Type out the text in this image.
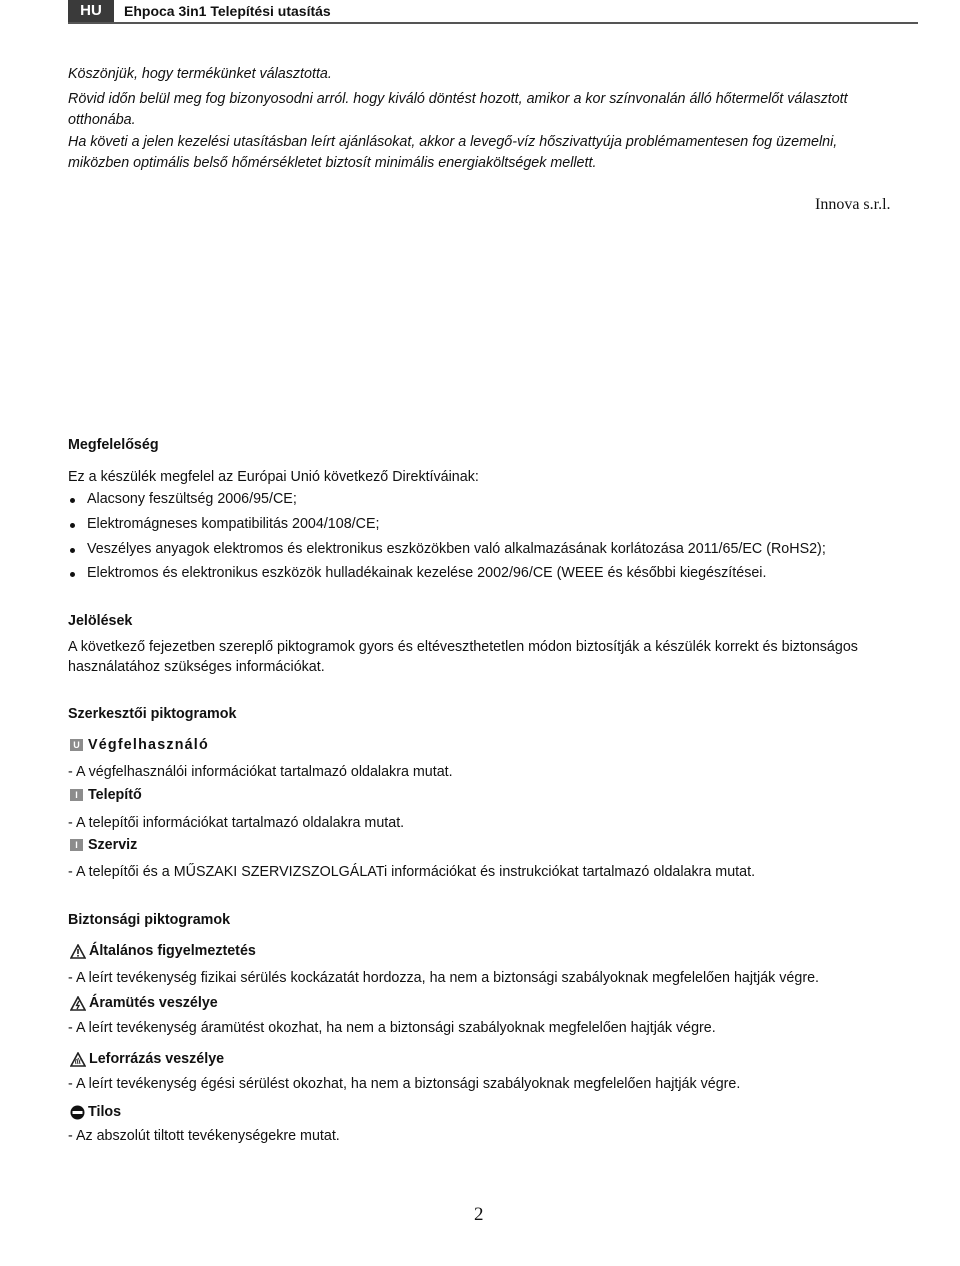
HU	Ehpoca 3in1 Telepítési utasítás

Köszönjük, hogy termékünket választotta.

Rövid időn belül meg fog bizonyosodni arról. hogy kiváló döntést hozott, amikor a kor színvonalán álló hőtermelőt választott otthonába.

Ha követi a jelen kezelési utasításban leírt ajánlásokat, akkor a levegő-víz hőszivattyúja problémamentesen fog üzemelni, miközben optimális belső hőmérsékletet biztosít minimális energiaköltségek mellett.

Innova s.r.l.
Megfelelőség

Ez a készülék megfelel az Európai Unió következő Direktíváinak:

Alacsony feszültség 2006/95/CE;
Elektromágneses kompatibilitás 2004/108/CE;
Veszélyes anyagok elektromos és elektronikus eszközökben való alkalmazásának korlátozása 2011/65/EC (RoHS2);
Elektromos és elektronikus eszközök hulladékainak kezelése 2002/96/CE (WEEE és későbbi kiegészítései.
Jelölések

A következő fejezetben szereplő piktogramok gyors és eltéveszthetetlen módon biztosítják a készülék korrekt és biztonságos használatához szükséges információkat.

Szerkesztői piktogramok
U Végfelhasználó

- A végfelhasználói információkat tartalmazó oldalakra mutat.

I Telepítő

- A telepítői információkat tartalmazó oldalakra mutat.

I Szerviz

- A telepítői és a MŰSZAKI SZERVIZSZOLGÁLATi információkat és instrukciókat tartalmazó oldalakra mutat.

Biztonsági piktogramok
Általános figyelmeztetés

- A leírt tevékenység fizikai sérülés kockázatát hordozza, ha nem a biztonsági szabályoknak megfelelően hajtják végre.

Áramütés veszélye

- A leírt tevékenység áramütést okozhat, ha nem a biztonsági szabályoknak megfelelően hajtják végre.

Leforrázás veszélye

- A leírt tevékenység égési sérülést okozhat, ha nem a biztonsági szabályoknak megfelelően hajtják végre.

Tilos

- Az abszolút tiltott tevékenységekre mutat.

2
